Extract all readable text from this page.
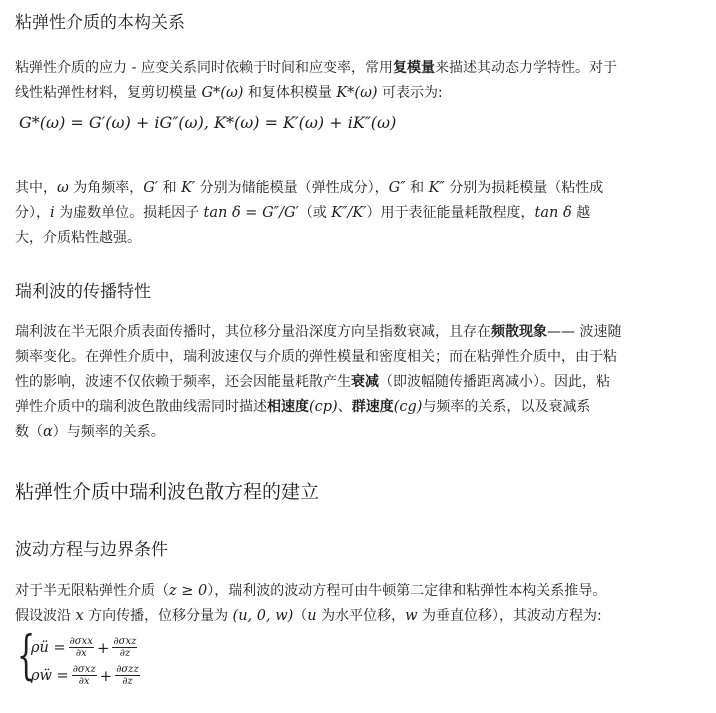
粘弹性介质的本构关系

粘弹性介质的应力 - 应变关系同时依赖于时间和应变率，常用复模量来描述其动态力学特性。对于
线性粘弹性材料，复剪切模量 G*(ω) 和复体积模量 K*(ω) 可表示为:

G*(ω) = G′(ω) + iG″(ω), K*(ω) = K′(ω) + iK″(ω)

其中，ω 为角频率，G′ 和 K′ 分别为储能模量（弹性成分），G″ 和 K″ 分别为损耗模量（粘性成
分），i 为虚数单位。损耗因子 tan δ = G″/G′（或 K″/K′）用于表征能量耗散程度，tan δ 越
大，介质粘性越强。

瑞利波的传播特性

瑞利波在半无限介质表面传播时，其位移分量沿深度方向呈指数衰减，且存在频散现象—— 波速随
频率变化。在弹性介质中，瑞利波速仅与介质的弹性模量和密度相关；而在粘弹性介质中，由于粘
性的影响，波速不仅依赖于频率，还会因能量耗散产生衰减（即波幅随传播距离减小）。因此，粘
弹性介质中的瑞利波色散曲线需同时描述相速度(cp)、群速度(cg)与频率的关系，以及衰减系
数（α）与频率的关系。

粘弹性介质中瑞利波色散方程的建立
波动方程与边界条件

对于半无限粘弹性介质（z ≥ 0），瑞利波的波动方程可由牛顿第二定律和粘弹性本构关系推导。
假设波沿 x 方向传播，位移分量为 (u, 0, w)（u 为水平位移，w 为垂直位移），其波动方程为:

{
ρü = $\frac{\text{∂σxx}}{\partial x} + \frac{\text{∂σxz}}{\partial z}$
ρẅ = $\frac{\text{∂σxz}}{\partial x} + \frac{\text{∂σzz}}{\partial z}$
